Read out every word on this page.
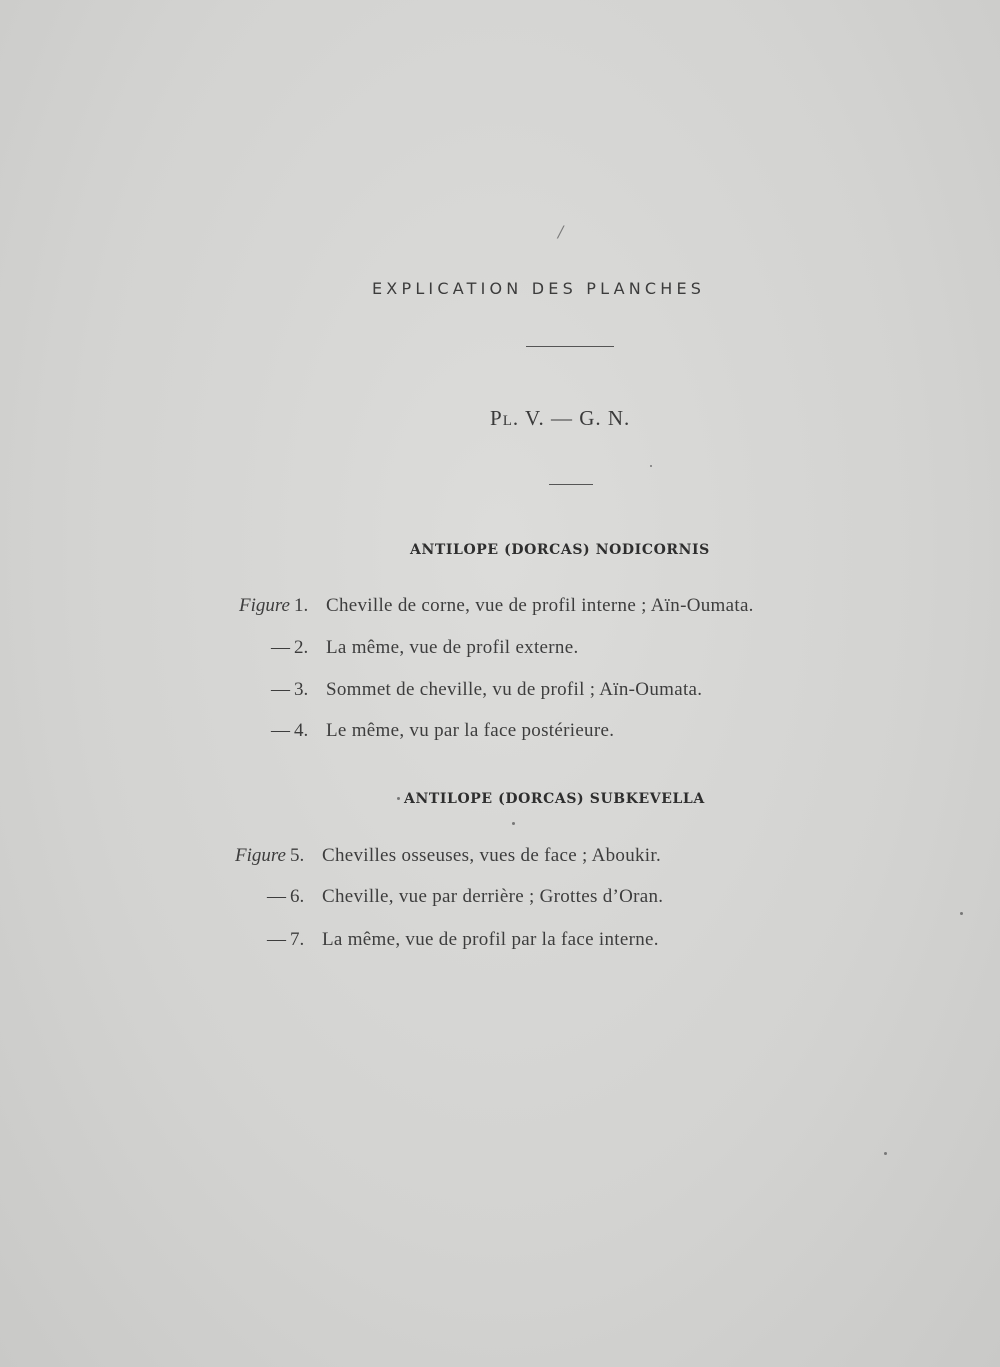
/
EXPLICATION DES PLANCHES
PL. V. — G. N.
ANTILOPE (DORCAS) NODICORNIS
Figure 1. Cheville de corne, vue de profil interne ; Aïn-Oumata.
— 2. La même, vue de profil externe.
— 3. Sommet de cheville, vu de profil ; Aïn-Oumata.
— 4. Le même, vu par la face postérieure.
ANTILOPE (DORCAS) SUBKEVELLA
Figure 5. Chevilles osseuses, vues de face ; Aboukir.
— 6. Cheville, vue par derrière ; Grottes d’Oran.
— 7. La même, vue de profil par la face interne.
